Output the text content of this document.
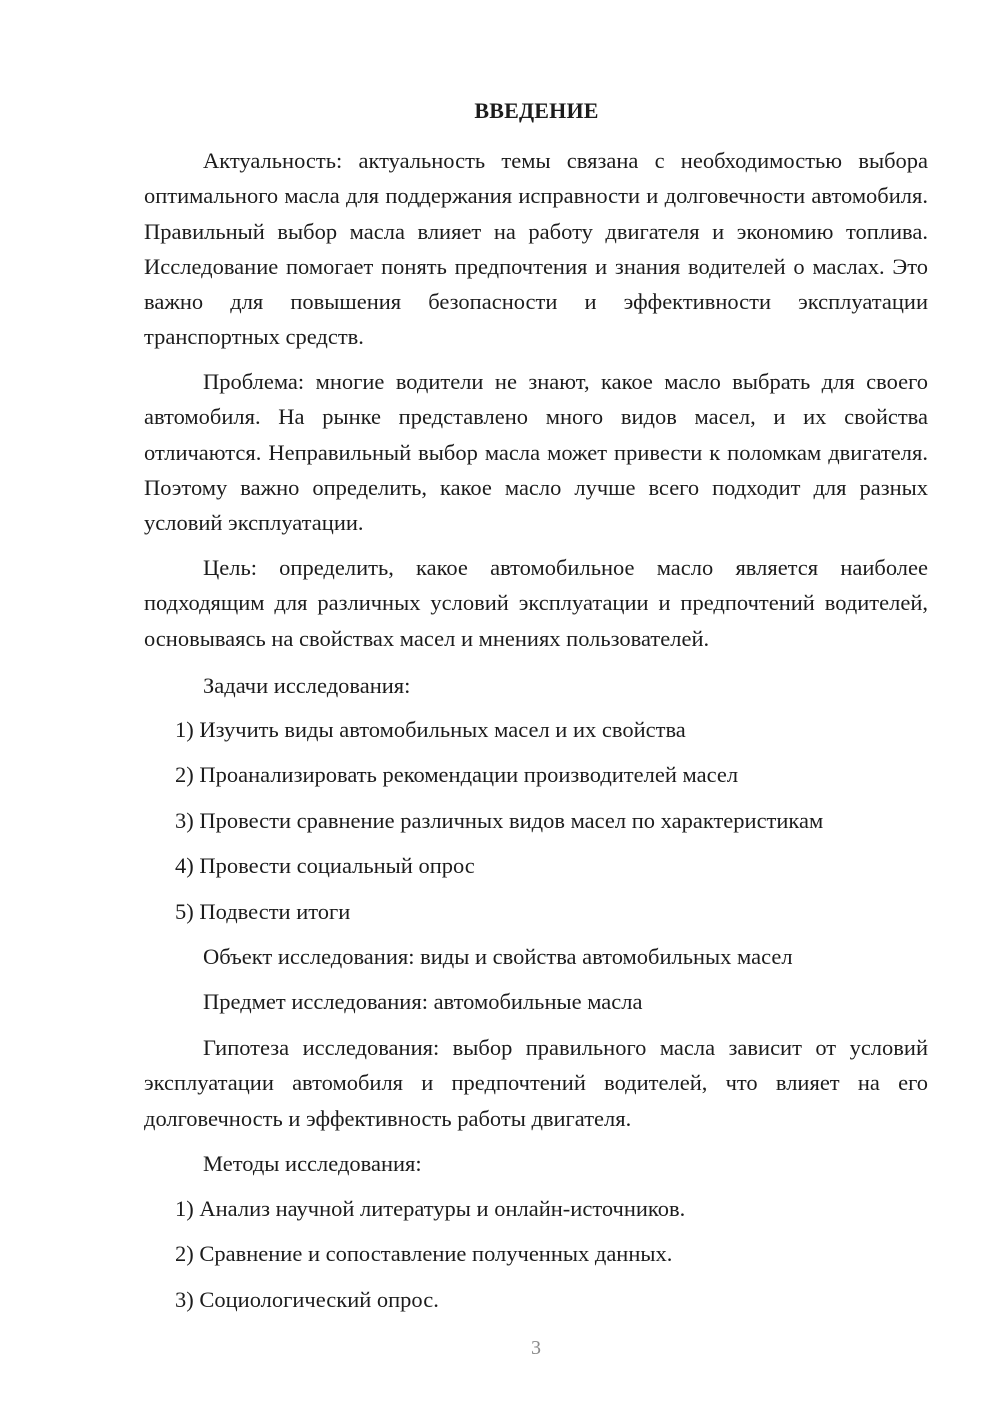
ВВЕДЕНИЕ

Актуальность: актуальность темы связана с необходимостью выбора оптимального масла для поддержания исправности и долговечности автомобиля. Правильный выбор масла влияет на работу двигателя и экономию топлива. Исследование помогает понять предпочтения и знания водителей о маслах. Это важно для повышения безопасности и эффективности эксплуатации транспортных средств.

Проблема: многие водители не знают, какое масло выбрать для своего автомобиля. На рынке представлено много видов масел, и их свойства отличаются. Неправильный выбор масла может привести к поломкам двигателя. Поэтому важно определить, какое масло лучше всего подходит для разных условий эксплуатации.

Цель: определить, какое автомобильное масло является наиболее подходящим для различных условий эксплуатации и предпочтений водителей, основываясь на свойствах масел и мнениях пользователей.

Задачи исследования:

1) Изучить виды автомобильных масел и их свойства

2) Проанализировать рекомендации производителей масел

3) Провести сравнение различных видов масел по характеристикам

4) Провести социальный опрос

5) Подвести итоги

Объект исследования: виды и свойства автомобильных масел

Предмет исследования: автомобильные масла

Гипотеза исследования: выбор правильного масла зависит от условий эксплуатации автомобиля и предпочтений водителей, что влияет на его долговечность и эффективность работы двигателя.

Методы исследования:

1) Анализ научной литературы и онлайн-источников.

2) Сравнение и сопоставление полученных данных.

3) Социологический опрос.

3
